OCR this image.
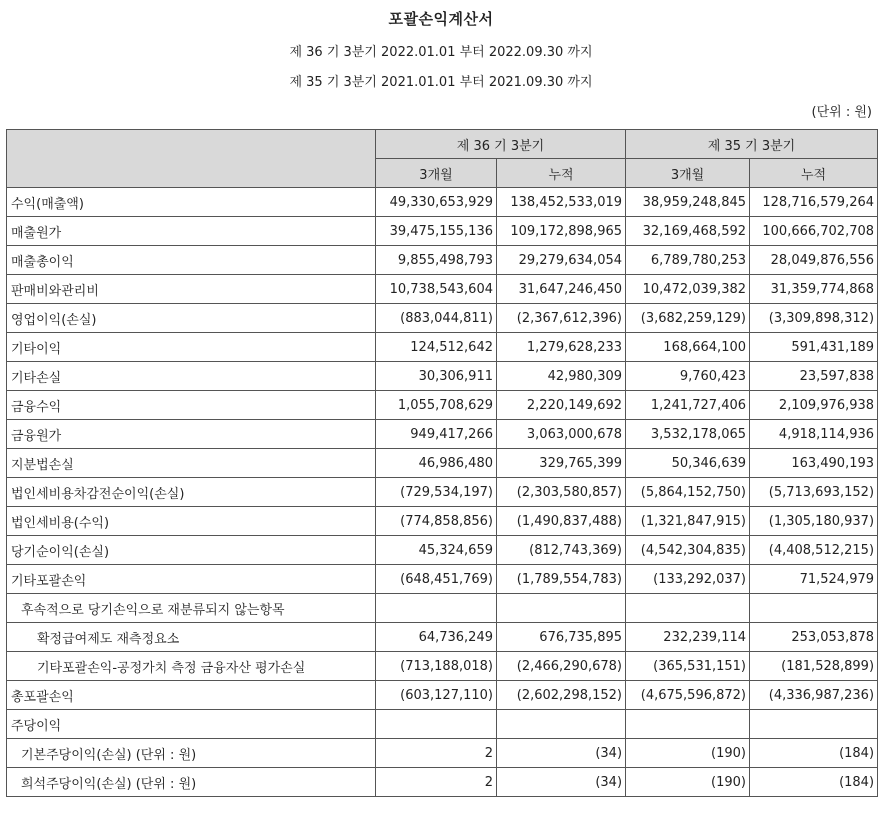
포괄손익계산서
제 36 기 3분기 2022.01.01 부터 2022.09.30 까지
제 35 기 3분기 2021.01.01 부터 2021.09.30 까지
(단위 : 원)
	제 36 기 3분기		제 35 기 3분기	
	3개월	누적	3개월	누적
수익(매출액)	49,330,653,929	138,452,533,019	38,959,248,845	128,716,579,264
매출원가	39,475,155,136	109,172,898,965	32,169,468,592	100,666,702,708
매출총이익	9,855,498,793	29,279,634,054	6,789,780,253	28,049,876,556
판매비와관리비	10,738,543,604	31,647,246,450	10,472,039,382	31,359,774,868
영업이익(손실)	(883,044,811)	(2,367,612,396)	(3,682,259,129)	(3,309,898,312)
기타이익	124,512,642	1,279,628,233	168,664,100	591,431,189
기타손실	30,306,911	42,980,309	9,760,423	23,597,838
금융수익	1,055,708,629	2,220,149,692	1,241,727,406	2,109,976,938
금융원가	949,417,266	3,063,000,678	3,532,178,065	4,918,114,936
지분법손실	46,986,480	329,765,399	50,346,639	163,490,193
법인세비용차감전순이익(손실)	(729,534,197)	(2,303,580,857)	(5,864,152,750)	(5,713,693,152)
법인세비용(수익)	(774,858,856)	(1,490,837,488)	(1,321,847,915)	(1,305,180,937)
당기순이익(손실)	45,324,659	(812,743,369)	(4,542,304,835)	(4,408,512,215)
기타포괄손익	(648,451,769)	(1,789,554,783)	(133,292,037)	71,524,979
후속적으로 당기손익으로 재분류되지 않는항목				
확정급여제도 재측정요소	64,736,249	676,735,895	232,239,114	253,053,878
기타포괄손익-공정가치 측정 금융자산 평가손실	(713,188,018)	(2,466,290,678)	(365,531,151)	(181,528,899)
총포괄손익	(603,127,110)	(2,602,298,152)	(4,675,596,872)	(4,336,987,236)
주당이익				
기본주당이익(손실) (단위 : 원)	2	(34)	(190)	(184)
희석주당이익(손실) (단위 : 원)	2	(34)	(190)	(184)
